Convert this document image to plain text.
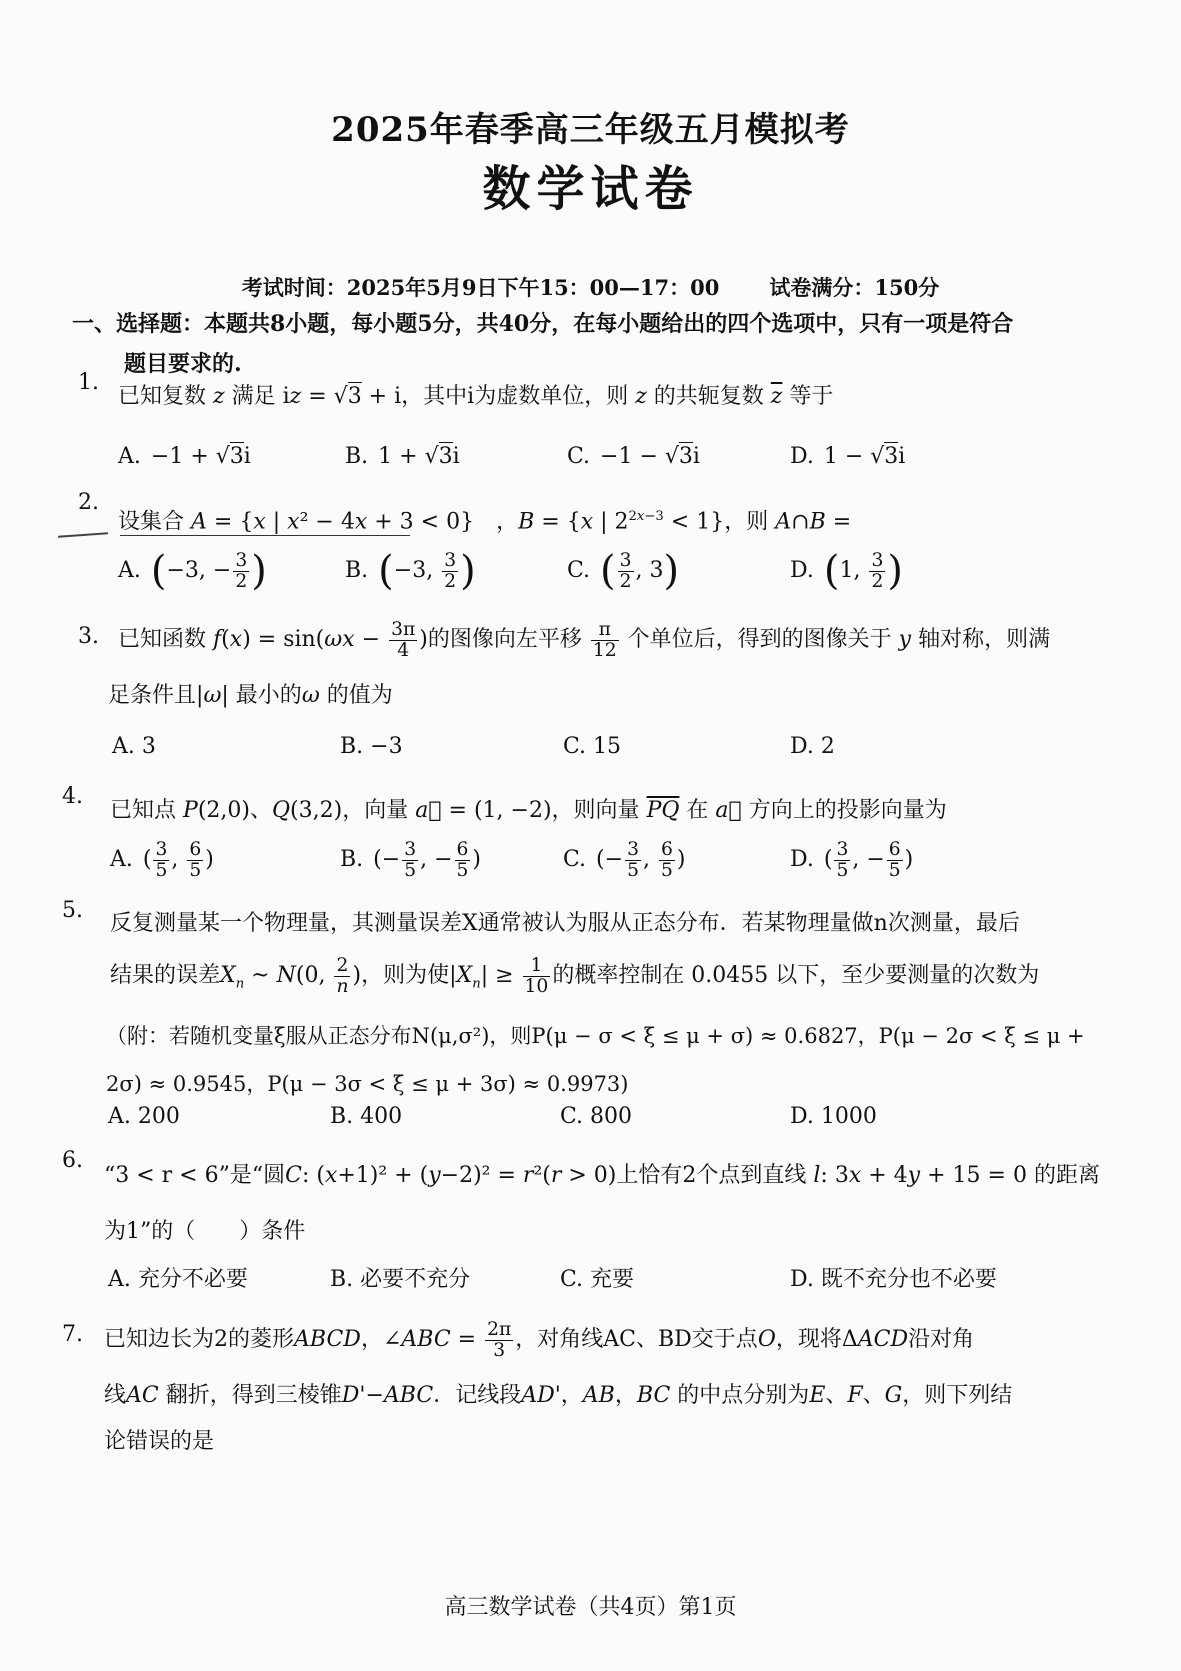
2025年春季高三年级五月模拟考
数学试卷
考试时间：2025年5月9日下午15：00—17：00 试卷满分：150分
一、选择题：本题共8小题，每小题5分，共40分，在每小题给出的四个选项中，只有一项是符合
题目要求的.
1.
已知复数 z 满足 iz = √3 + i，其中i为虚数单位，则 z 的共轭复数 $\overline{z}$ 等于
A. −1 + √3i	B. 1 + √3i	C. −1 − √3i	D. 1 − √3i
2.
设集合 A = {x | x² − 4x + 3 < 0}　，B = {x | $2^{2x-3} < 1$}，则 A∩B =
A. (−3, − $\frac{3}{2}$ )	B. (−3, $\frac{3}{2}$ )	C. ( $\frac{3}{2}$ , 3)	D. (1, $\frac{3}{2}$ )
3. 已知函数 $f(x) = \sin(\omega x - \frac{3\pi}{4}$ )的图像向左平移 $\frac{\pi}{12}$ 个单位后，得到的图像关于 y 轴对称，则满
足条件且|ω| 最小的ω 的值为
A. 3	B. −3	C. 15	D. 2
4.
已知点 P(2,0)、Q(3,2)，向量 a⃗ = (1, −2)，则向量 $\overline{PQ}$ 在 a⃗ 方向上的投影向量为
A. ( $\frac{3}{5}$ , $\frac{6}{5}$ )	B. (− $\frac{3}{5}$ , − $\frac{6}{5}$ )	C. (− $\frac{3}{5}$ , $\frac{6}{5}$ )	D. ( $\frac{3}{5}$ , − $\frac{6}{5}$ )
5.
反复测量某一个物理量，其测量误差X通常被认为服从正态分布．若某物理量做n次测量，最后
结果的误差$X_n$ ~ N(0, $\frac{2}{n}$ )，则为使$|X_n| \ge \frac{1}{10}$ 的概率控制在 0.0455 以下，至少要测量的次数为
（附：若随机变量ξ服从正态分布N(μ,σ²)，则P(μ − σ < ξ ≤ μ + σ) ≈ 0.6827，P(μ − 2σ < ξ ≤ μ +
2σ) ≈ 0.9545，P(μ − 3σ < ξ ≤ μ + 3σ) ≈ 0.9973)
A. 200	B. 400	C. 800	D. 1000
6.
“3 < r < 6”是“圆C: (x+1)² + (y−2)² = r²(r > 0)上恰有2个点到直线 l: 3x + 4y + 15 = 0 的距离
为1”的（　　）条件
A. 充分不必要	B. 必要不充分	C. 充要	D. 既不充分也不必要
7. 已知边长为2的菱形ABCD，∠ABC = $\frac{2\pi}{3}$ ，对角线AC、BD交于点O，现将ΔACD沿对角
线AC 翻折，得到三棱锥D'−ABC．记线段AD'，AB，BC 的中点分别为E、F、G，则下列结
论错误的是
高三数学试卷（共4页）第1页
